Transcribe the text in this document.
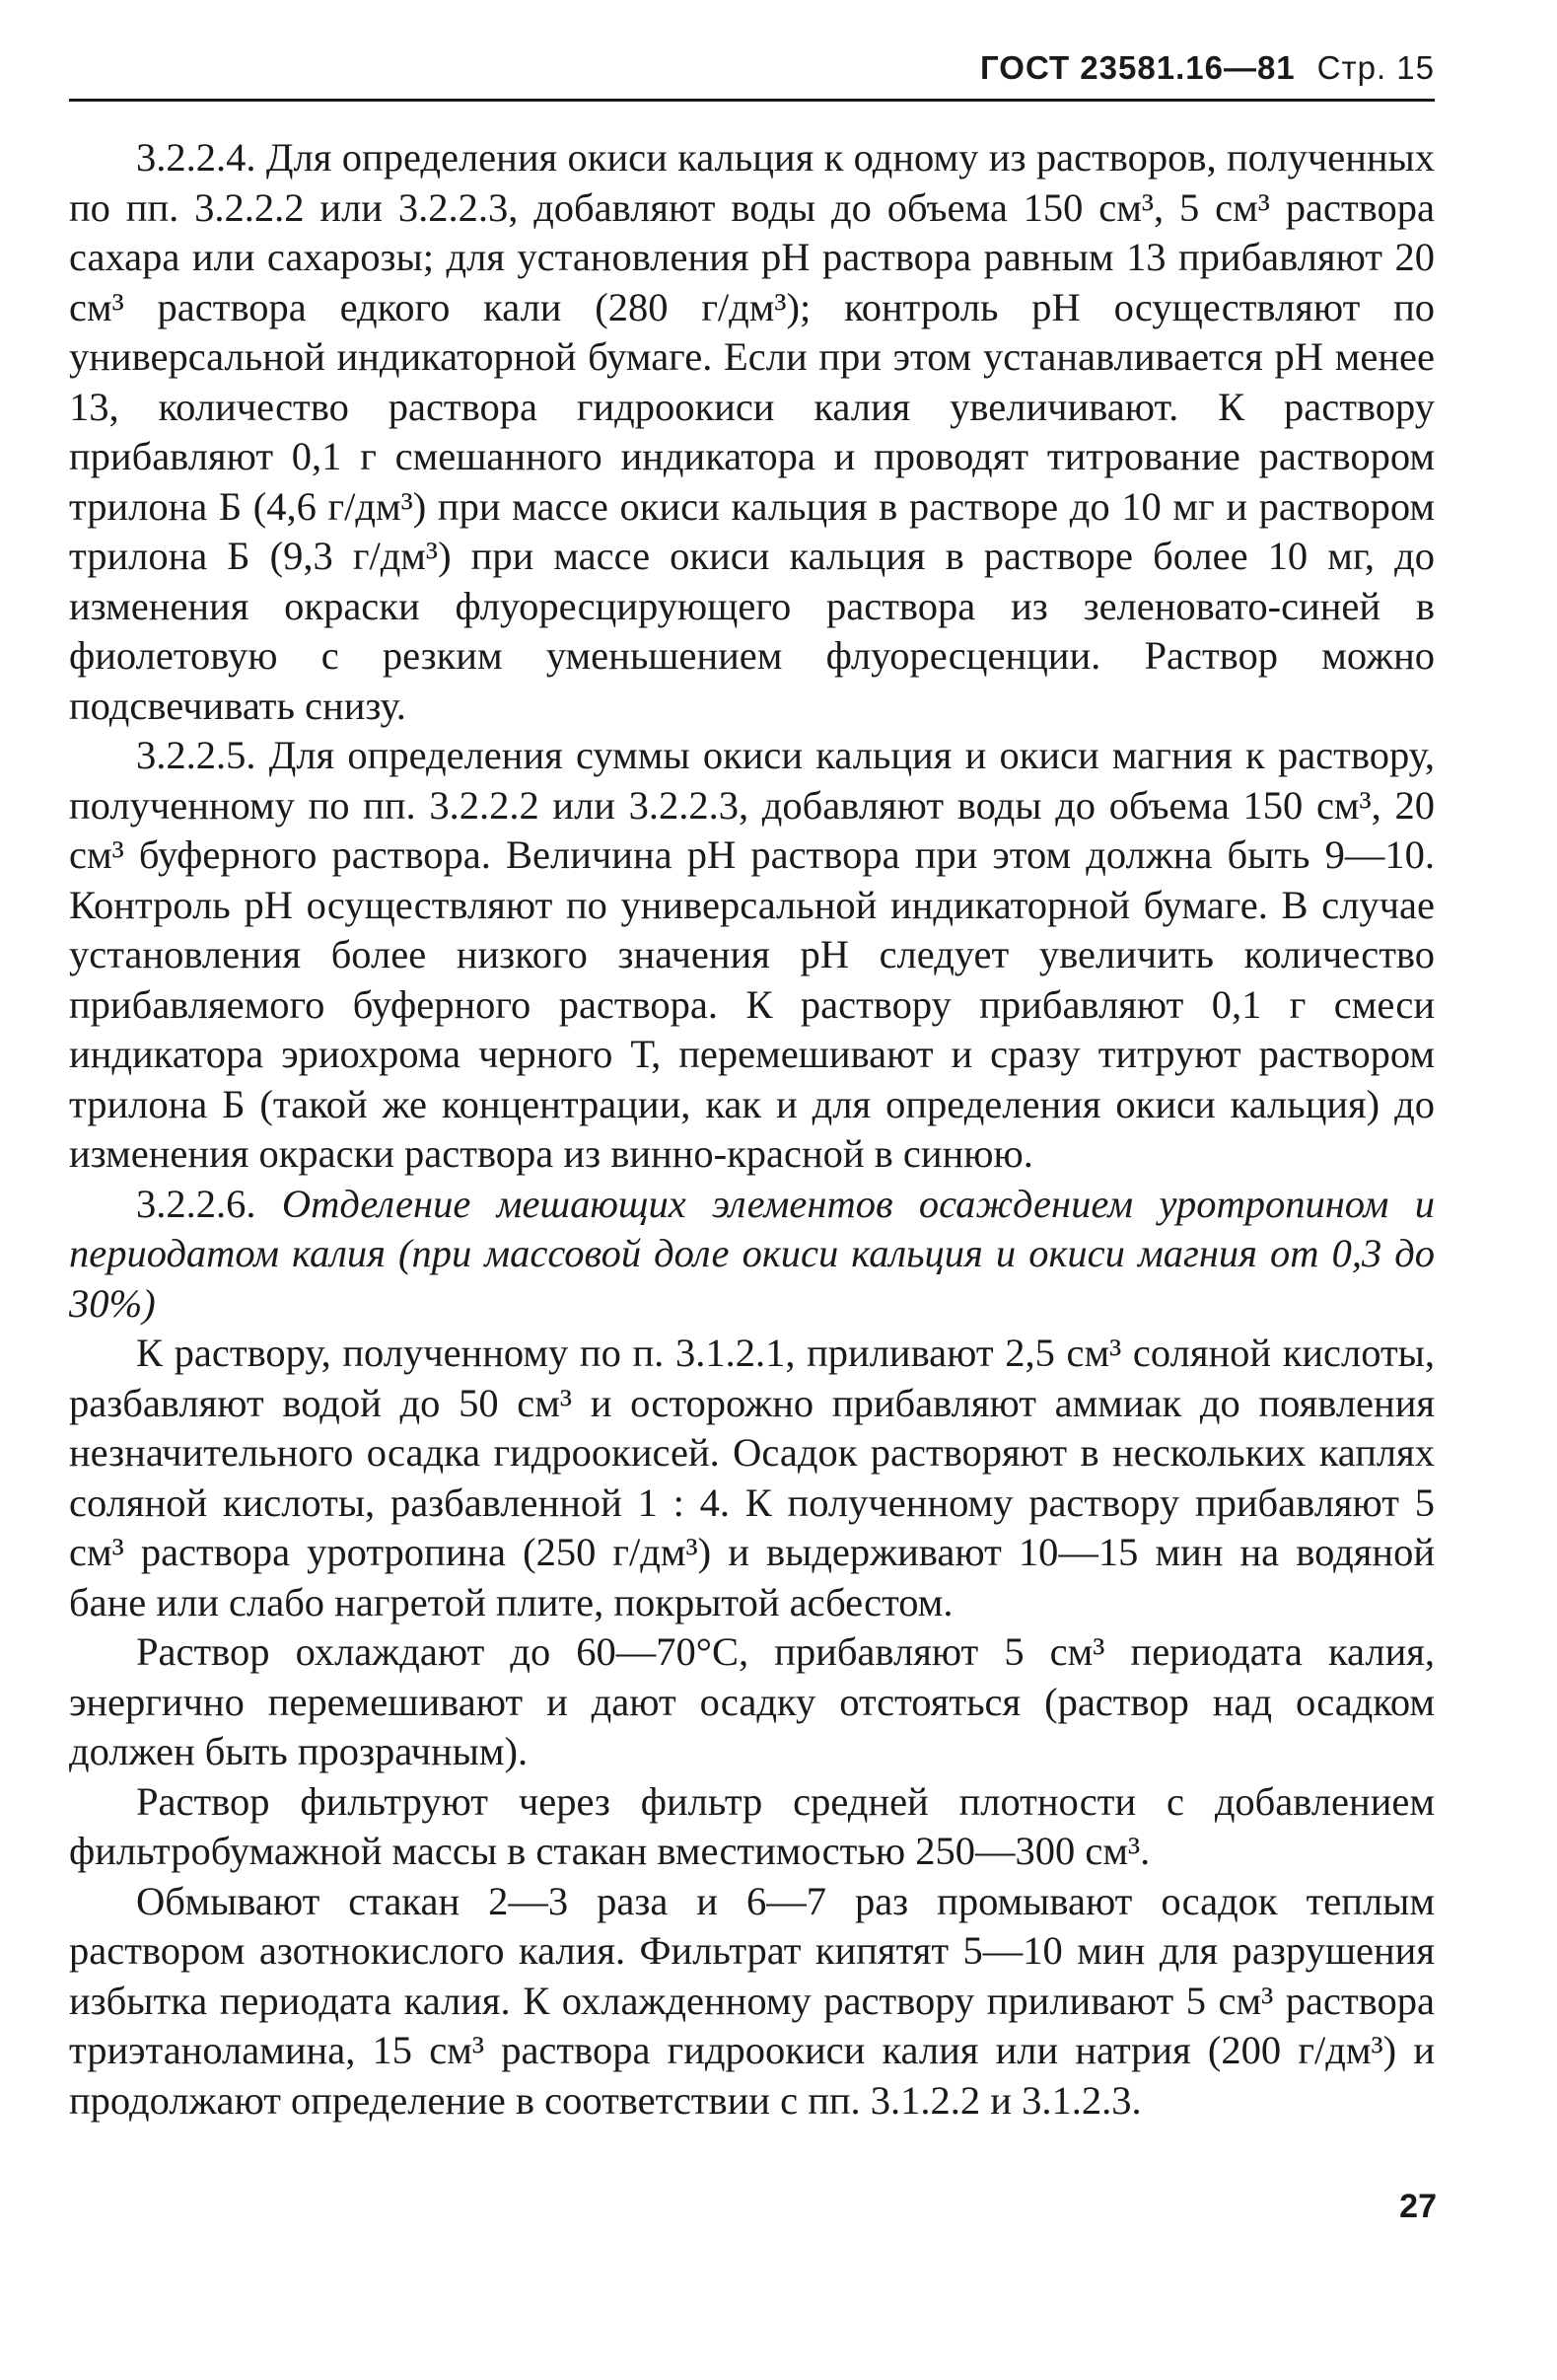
ГОСТ 23581.16—81 Стр. 15

3.2.2.4. Для определения окиси кальция к одному из растворов, полученных по пп. 3.2.2.2 или 3.2.2.3, добавляют воды до объема 150 см³, 5 см³ раствора сахара или сахарозы; для установления рН раствора равным 13 прибавляют 20 см³ раствора едкого кали (280 г/дм³); контроль рН осуществляют по универсальной индикаторной бумаге. Если при этом устанавливается рН менее 13, количество раствора гидроокиси калия увеличивают. К раствору прибавляют 0,1 г смешанного индикатора и проводят титрование раствором трилона Б (4,6 г/дм³) при массе окиси кальция в растворе до 10 мг и раствором трилона Б (9,3 г/дм³) при массе окиси кальция в растворе более 10 мг, до изменения окраски флуоресцирующего раствора из зеленовато-синей в фиолетовую с резким уменьшением флуоресценции. Раствор можно подсвечивать снизу.

3.2.2.5. Для определения суммы окиси кальция и окиси магния к раствору, полученному по пп. 3.2.2.2 или 3.2.2.3, добавляют воды до объема 150 см³, 20 см³ буферного раствора. Величина рН раствора при этом должна быть 9—10. Контроль рН осуществляют по универсальной индикаторной бумаге. В случае установления более низкого значения рН следует увеличить количество прибавляемого буферного раствора. К раствору прибавляют 0,1 г смеси индикатора эриохрома черного Т, перемешивают и сразу титруют раствором трилона Б (такой же концентрации, как и для определения окиси кальция) до изменения окраски раствора из винно-красной в синюю.

3.2.2.6. Отделение мешающих элементов осаждением уротропином и периодатом калия (при массовой доле окиси кальция и окиси магния от 0,3 до 30%)

К раствору, полученному по п. 3.1.2.1, приливают 2,5 см³ соляной кислоты, разбавляют водой до 50 см³ и осторожно прибавляют аммиак до появления незначительного осадка гидроокисей. Осадок растворяют в нескольких каплях соляной кислоты, разбавленной 1 : 4. К полученному раствору прибавляют 5 см³ раствора уротропина (250 г/дм³) и выдерживают 10—15 мин на водяной бане или слабо нагретой плите, покрытой асбестом.

Раствор охлаждают до 60—70°С, прибавляют 5 см³ периодата калия, энергично перемешивают и дают осадку отстояться (раствор над осадком должен быть прозрачным).

Раствор фильтруют через фильтр средней плотности с добавлением фильтробумажной массы в стакан вместимостью 250—300 см³.

Обмывают стакан 2—3 раза и 6—7 раз промывают осадок теплым раствором азотнокислого калия. Фильтрат кипятят 5—10 мин для разрушения избытка периодата калия. К охлажденному раствору приливают 5 см³ раствора триэтаноламина, 15 см³ раствора гидроокиси калия или натрия (200 г/дм³) и продолжают определение в соответствии с пп. 3.1.2.2 и 3.1.2.3.

27
